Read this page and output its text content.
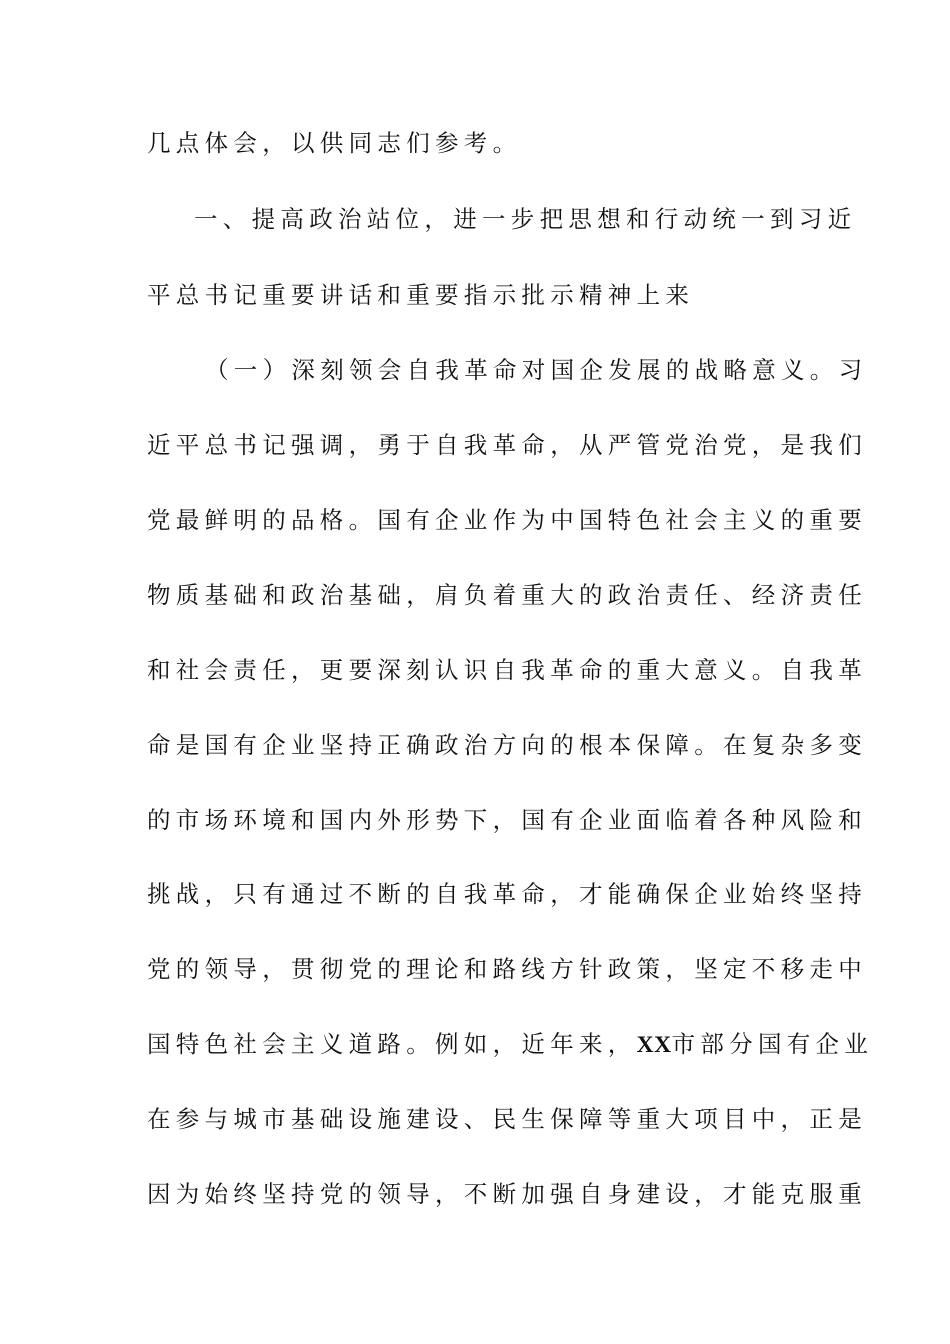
几点体会，以供同志们参考。
一、提高政治站位，进一步把思想和行动统一到习近
平总书记重要讲话和重要指示批示精神上来
（一）深刻领会自我革命对国企发展的战略意义。习
近平总书记强调，勇于自我革命，从严管党治党，是我们
党最鲜明的品格。国有企业作为中国特色社会主义的重要
物质基础和政治基础，肩负着重大的政治责任、经济责任
和社会责任，更要深刻认识自我革命的重大意义。自我革
命是国有企业坚持正确政治方向的根本保障。在复杂多变
的市场环境和国内外形势下，国有企业面临着各种风险和
挑战，只有通过不断的自我革命，才能确保企业始终坚持
党的领导，贯彻党的理论和路线方针政策，坚定不移走中
国特色社会主义道路。例如，近年来，XX市部分国有企业
在参与城市基础设施建设、民生保障等重大项目中，正是
因为始终坚持党的领导，不断加强自身建设，才能克服重
